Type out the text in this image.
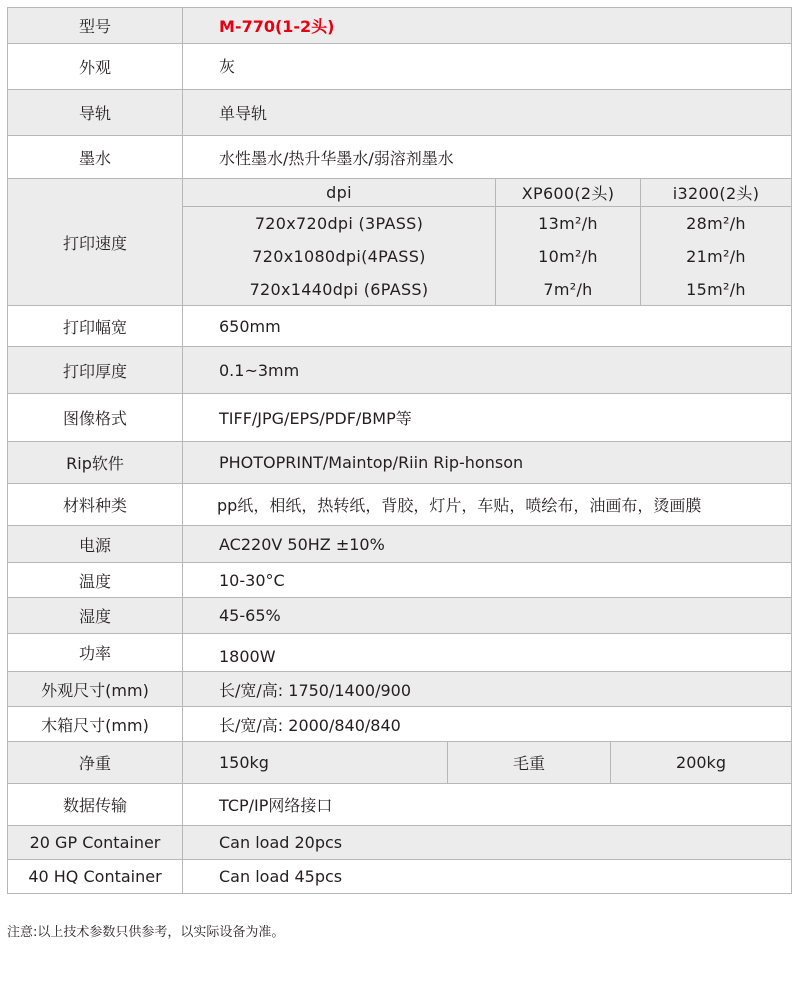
型号	M-770(1-2头)
外观	灰
导轨	单导轨
墨水	水性墨水/热升华墨水/弱溶剂墨水
打印速度
dpi	XP600(2头)	i3200(2头)
720x720dpi (3PASS)	13m²/h	28m²/h
720x1080dpi(4PASS)	10m²/h	21m²/h
720x1440dpi (6PASS)	7m²/h	15m²/h
打印幅宽	650mm
打印厚度	0.1~3mm
图像格式	TIFF/JPG/EPS/PDF/BMP等
Rip软件	PHOTOPRINT/Maintop/Riin Rip-honson
材料种类	pp纸，相纸，热转纸，背胶，灯片，车贴，喷绘布，油画布，烫画膜
电源	AC220V 50HZ ±10%
温度	10-30°C
湿度	45-65%
功率	1800W
外观尺寸(mm)	长/宽/高: 1750/1400/900
木箱尺寸(mm)	长/宽/高: 2000/840/840
净重	150kg	毛重	200kg
数据传输	TCP/IP网络接口
20 GP Container	Can load 20pcs
40 HQ Container	Can load 45pcs
注意:以上技术参数只供参考，以实际设备为准。
